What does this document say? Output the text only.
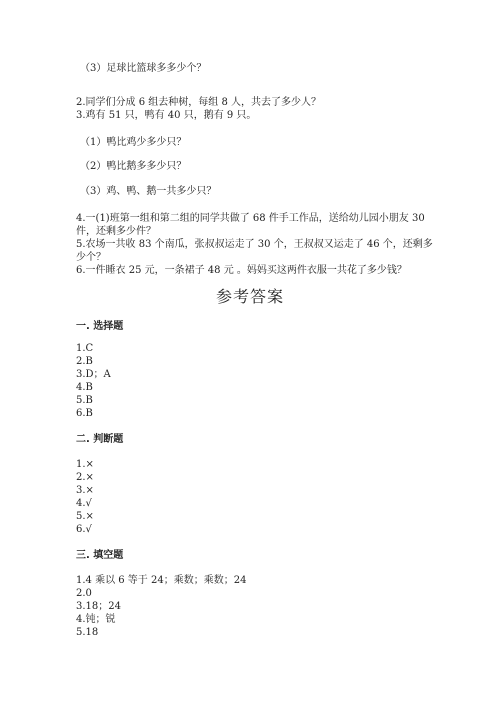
（3）足球比篮球多多少个？
2.同学们分成 6 组去种树，每组 8 人，共去了多少人？
3.鸡有 51 只，鸭有 40 只，鹅有 9 只。
（1）鸭比鸡少多少只？
（2）鸭比鹅多多少只？
（3）鸡、鸭、鹅一共多少只？
4.一(1)班第一组和第二组的同学共做了 68 件手工作品，送给幼儿园小朋友 30
件，还剩多少件？
5.农场一共收 83 个南瓜，张叔叔运走了 30 个，王叔叔又运走了 46 个，还剩多
少个？
6.一件睡衣 25 元，一条裙子 48 元 。妈妈买这两件衣服一共花了多少钱？
参考答案
一. 选择题
1.C
2.B
3.D；A
4.B
5.B
6.B
二. 判断题
1.×
2.×
3.×
4.√
5.×
6.√
三. 填空题
1.4 乘以 6 等于 24；乘数；乘数；24
2.0
3.18；24
4.钝；锐
5.18
